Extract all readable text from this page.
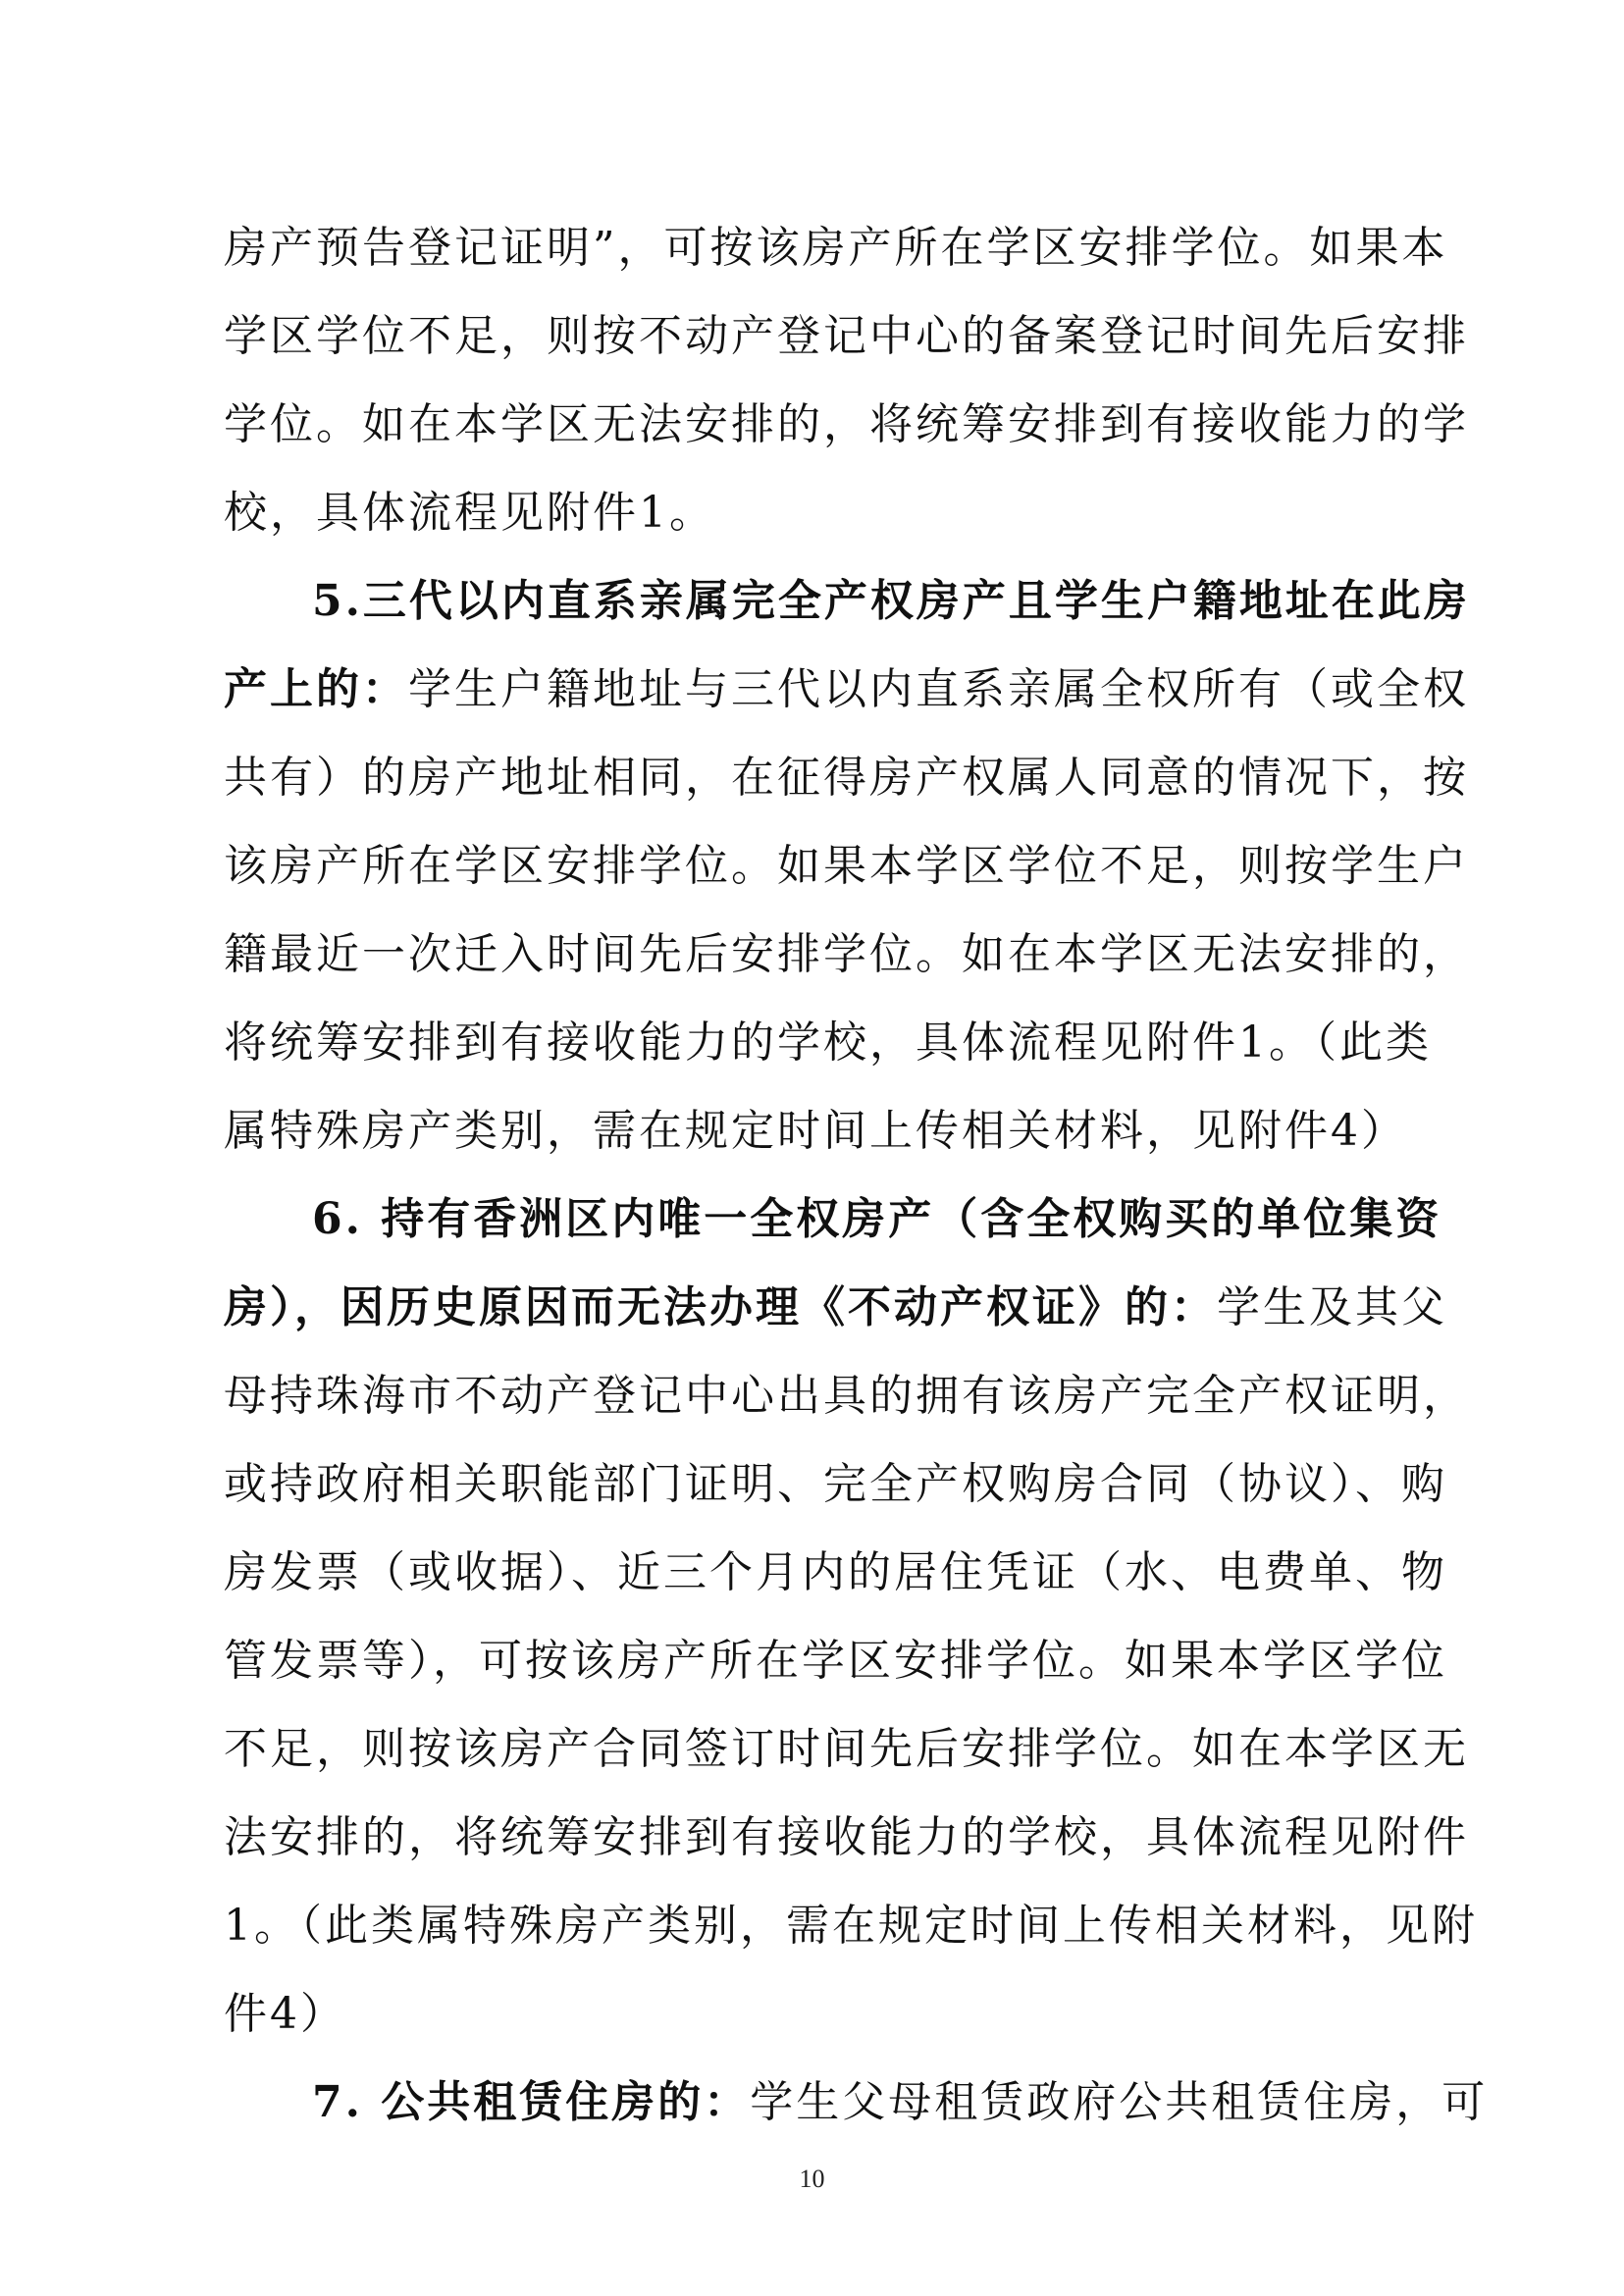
房产预告登记证明”，可按该房产所在学区安排学位。如果本
学区学位不足，则按不动产登记中心的备案登记时间先后安排
学位。如在本学区无法安排的，将统筹安排到有接收能力的学
校，具体流程见附件1。
5.三代以内直系亲属完全产权房产且学生户籍地址在此房
产上的：学生户籍地址与三代以内直系亲属全权所有（或全权
共有）的房产地址相同，在征得房产权属人同意的情况下，按
该房产所在学区安排学位。如果本学区学位不足，则按学生户
籍最近一次迁入时间先后安排学位。如在本学区无法安排的，
将统筹安排到有接收能力的学校，具体流程见附件1。（此类
属特殊房产类别，需在规定时间上传相关材料，见附件4）
6. 持有香洲区内唯一全权房产（含全权购买的单位集资
房），因历史原因而无法办理《不动产权证》的：学生及其父
母持珠海市不动产登记中心出具的拥有该房产完全产权证明，
或持政府相关职能部门证明、完全产权购房合同（协议）、购
房发票（或收据）、近三个月内的居住凭证（水、电费单、物
管发票等），可按该房产所在学区安排学位。如果本学区学位
不足，则按该房产合同签订时间先后安排学位。如在本学区无
法安排的，将统筹安排到有接收能力的学校，具体流程见附件
1。（此类属特殊房产类别，需在规定时间上传相关材料，见附
件4）
7. 公共租赁住房的：学生父母租赁政府公共租赁住房，可
10
